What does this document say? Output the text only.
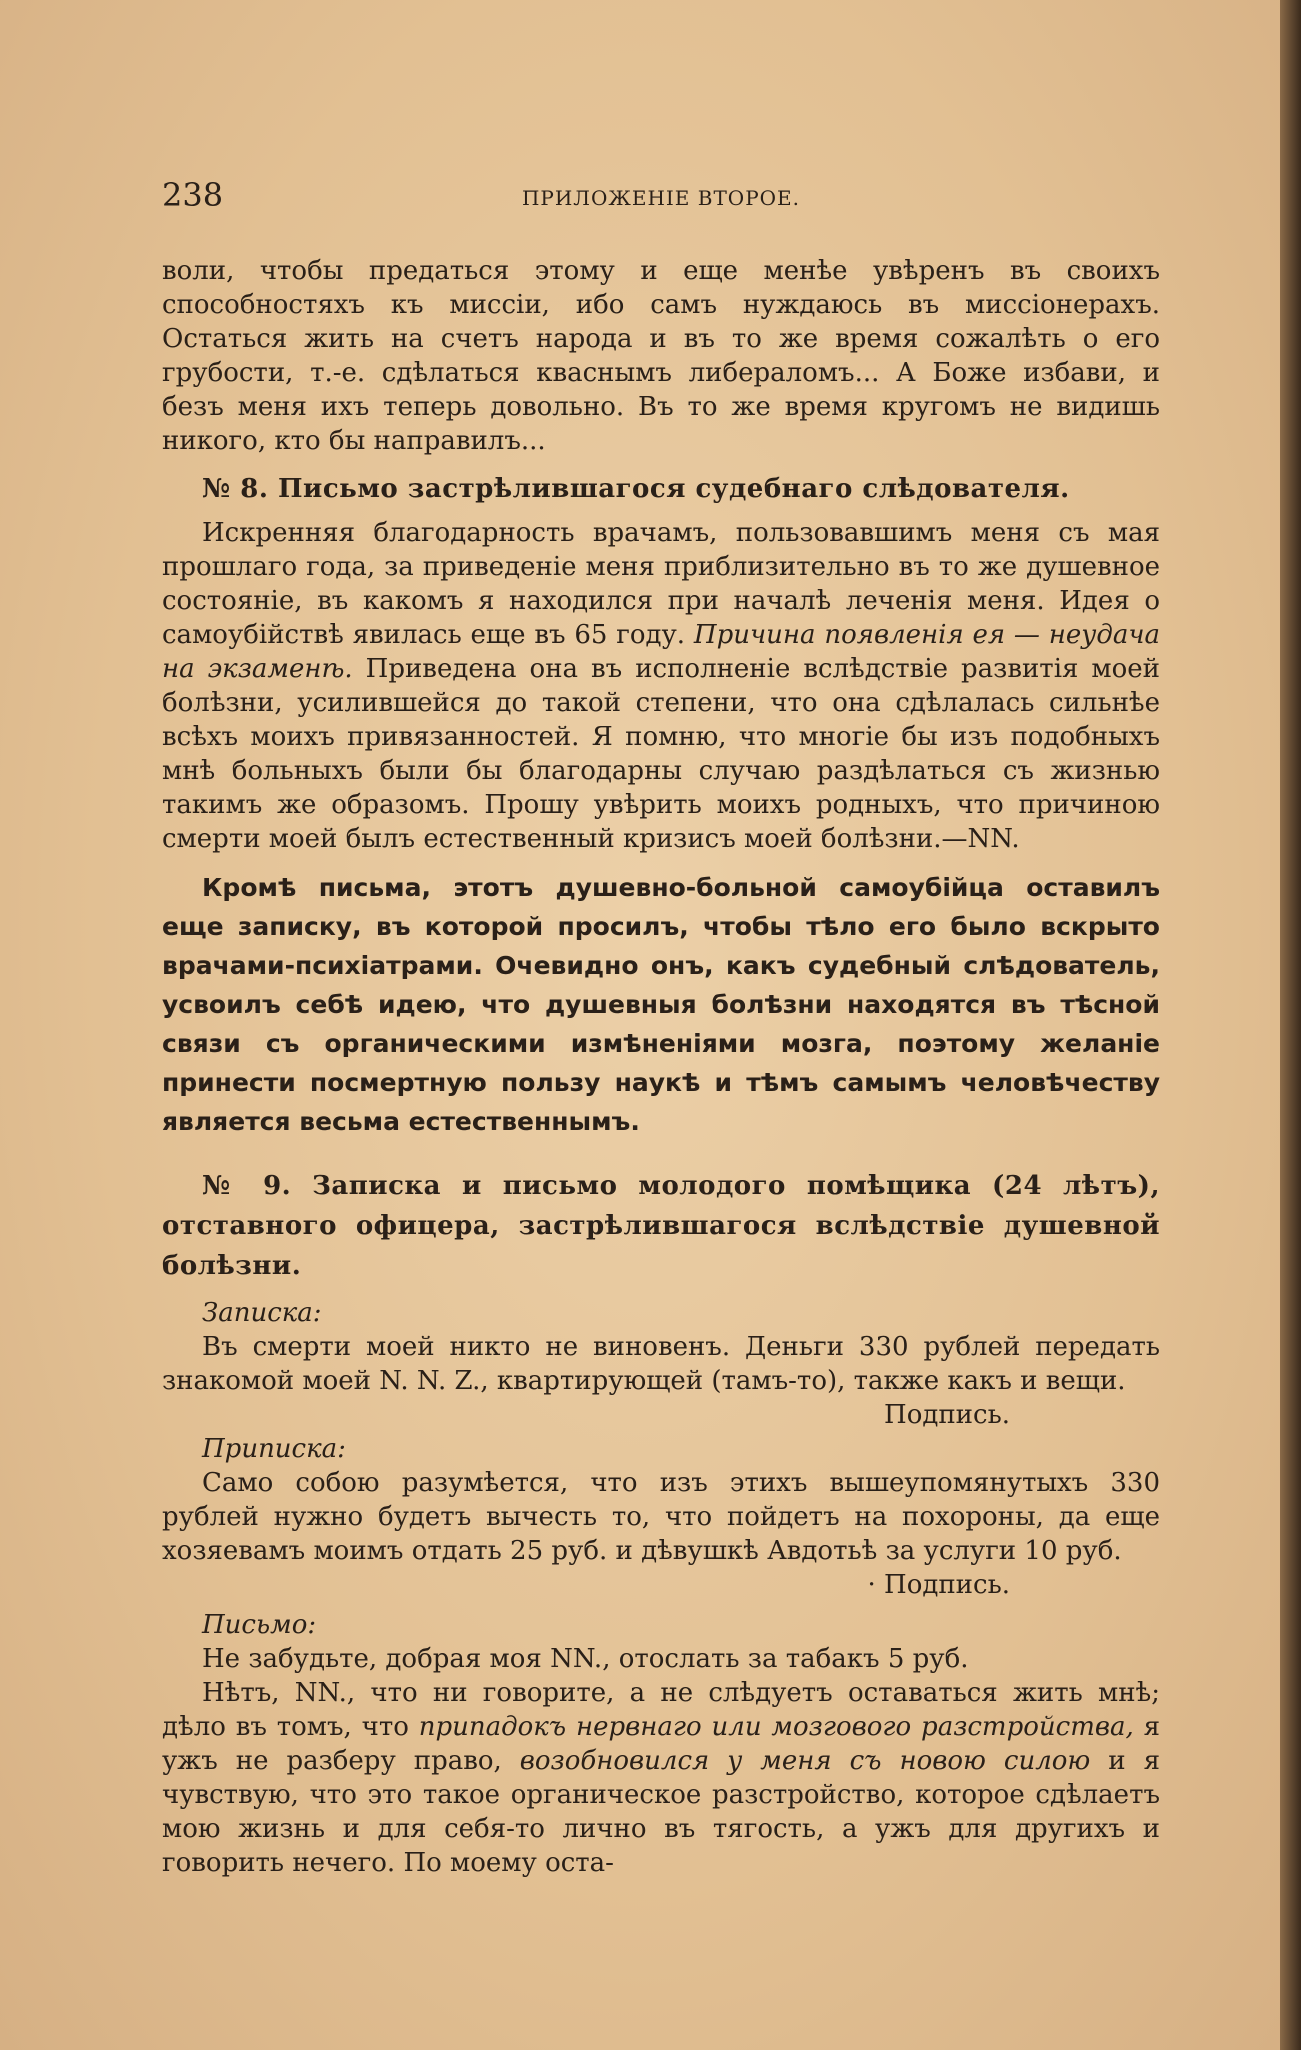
238	ПРИЛОЖЕНІЕ ВТОРОЕ.

воли, чтобы предаться этому и еще менѣе увѣренъ въ своихъ способностяхъ къ миссіи, ибо самъ нуждаюсь въ миссіонерахъ. Остаться жить на счетъ народа и въ то же время сожалѣть о его грубости, т.-е. сдѣлаться кваснымъ либераломъ... А Боже избави, и безъ меня ихъ теперь довольно. Въ то же время кругомъ не видишь никого, кто бы направилъ...

№ 8. Письмо застрѣлившагося судебнаго слѣдователя.

Искренняя благодарность врачамъ, пользовавшимъ меня съ мая прошлаго года, за приведеніе меня приблизительно въ то же душевное состояніе, въ какомъ я находился при началѣ леченія меня. Идея о самоубійствѣ явилась еще въ 65 году. Причина появленія ея — неудача на экзаменѣ. Приведена она въ исполненіе вслѣдствіе развитія моей болѣзни, усилившейся до такой степени, что она сдѣлалась сильнѣе всѣхъ моихъ привязанностей. Я помню, что многіе бы изъ подобныхъ мнѣ больныхъ были бы благодарны случаю раздѣлаться съ жизнью такимъ же образомъ. Прошу увѣрить моихъ родныхъ, что причиною смерти моей былъ естественный кризисъ моей болѣзни.—NN.

Кромѣ письма, этотъ душевно-больной самоубійца оставилъ еще записку, въ которой просилъ, чтобы тѣло его было вскрыто врачами-психіатрами. Очевидно онъ, какъ судебный слѣдователь, усвоилъ себѣ идею, что душевныя болѣзни находятся въ тѣсной связи съ органическими измѣненіями мозга, поэтому желаніе принести посмертную пользу наукѣ и тѣмъ самымъ человѣчеству является весьма естественнымъ.

№ 9. Записка и письмо молодого помѣщика (24 лѣтъ), отставного офицера, застрѣлившагося вслѣдствіе душевной болѣзни.

Записка:

Въ смерти моей никто не виновенъ. Деньги 330 рублей передать знакомой моей N. N. Z., квартирующей (тамъ-то), также какъ и вещи.

Подпись.

Приписка:

Само собою разумѣется, что изъ этихъ вышеупомянутыхъ 330 рублей нужно будетъ вычесть то, что пойдетъ на похороны, да еще хозяевамъ моимъ отдать 25 руб. и дѣвушкѣ Авдотьѣ за услуги 10 руб.

· Подпись.

Письмо:

Не забудьте, добрая моя NN., отослать за табакъ 5 руб.

Нѣтъ, NN., что ни говорите, а не слѣдуетъ оставаться жить мнѣ; дѣло въ томъ, что припадокъ нервнаго или мозгового разстройства, я ужъ не разберу право, возобновился у меня съ новою силою и я чувствую, что это такое органическое разстройство, которое сдѣлаетъ мою жизнь и для себя-то лично въ тягость, а ужъ для другихъ и говорить нечего. По моему оста-
